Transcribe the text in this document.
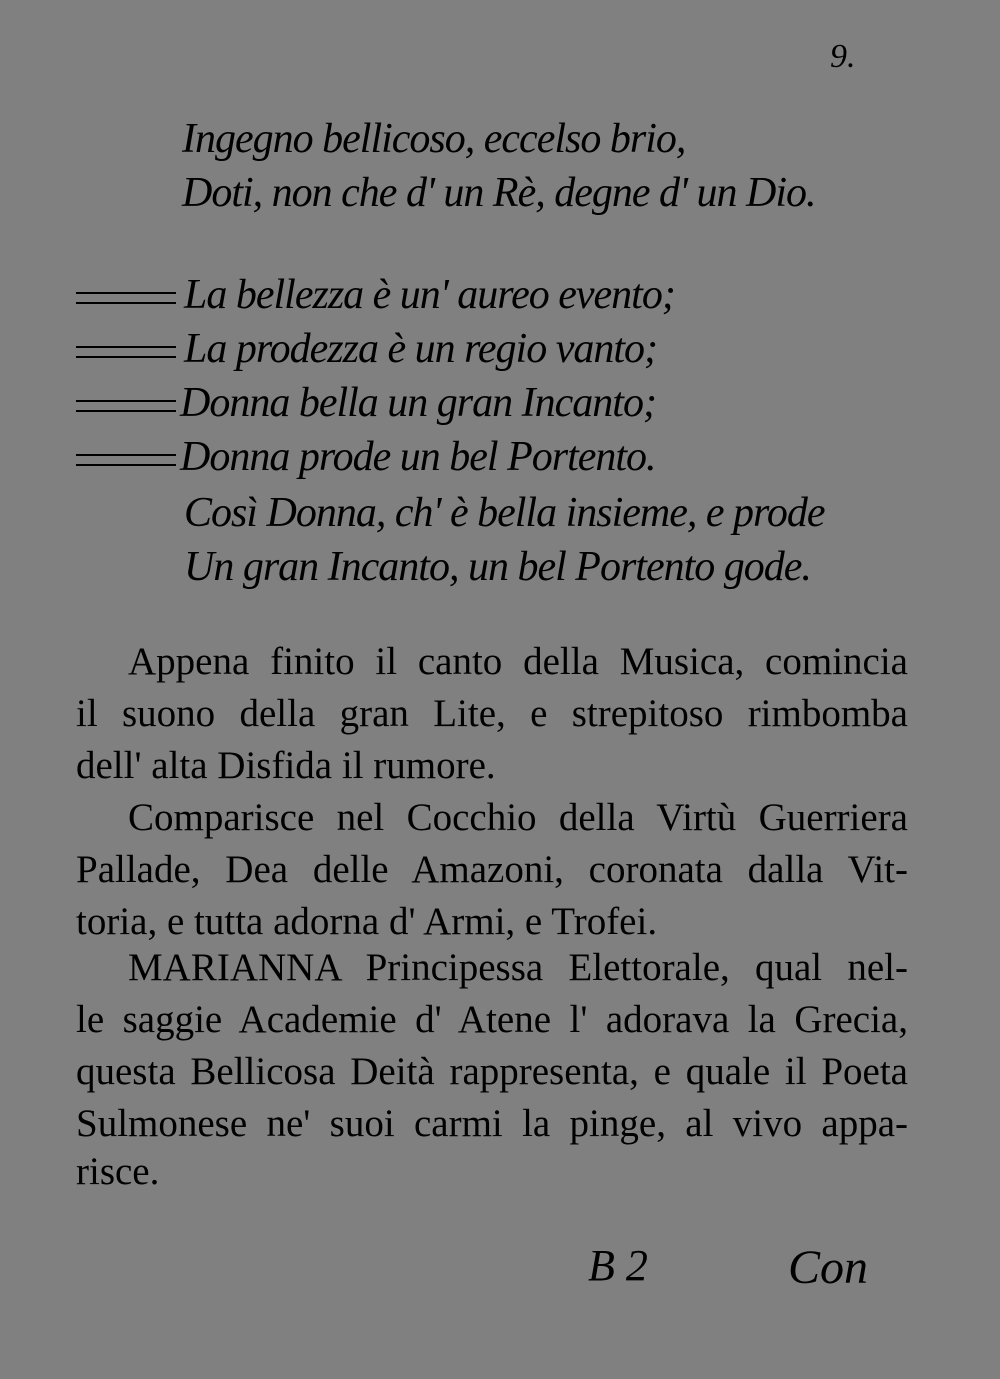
9.
Ingegno bellicoso, eccelso brio,
Doti, non che d' un Rè, degne d' un Dio.
La bellezza è un' aureo evento;
La prodezza è un regio vanto;
Donna bella un gran Incanto;
Donna prode un bel Portento.
Così Donna, ch' è bella insieme, e prode
Un gran Incanto, un bel Portento gode.
Appena finito il canto della Musica, comincia
il suono della gran Lite, e strepitoso rimbomba
dell' alta Disfida il rumore.
Comparisce nel Cocchio della Virtù Guerriera
Pallade, Dea delle Amazoni, coronata dalla Vit-
toria, e tutta adorna d' Armi, e Trofei.
MARIANNA Principessa Elettorale, qual nel-
le saggie Academie d' Atene l' adorava la Grecia,
questa Bellicosa Deità rappresenta, e quale il Poeta
Sulmonese ne' suoi carmi la pinge, al vivo appa-
risce.
B 2	Con
